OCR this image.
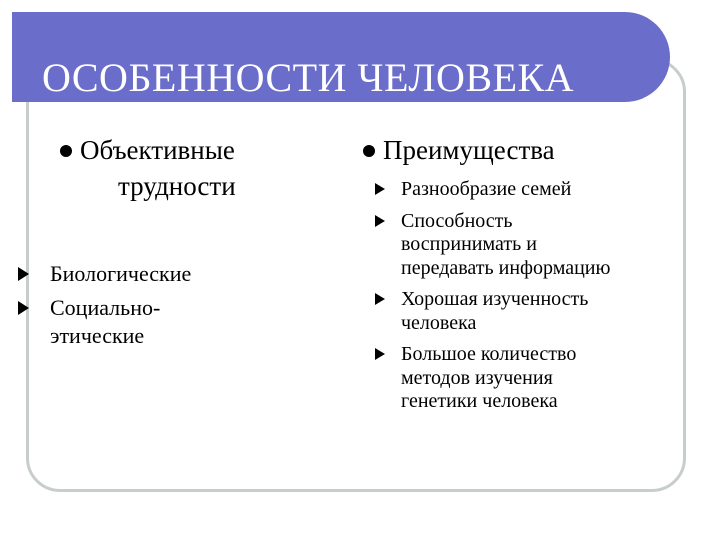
ОСОБЕННОСТИ ЧЕЛОВЕКА
Объективные
трудности
Биологические
Социально-
этические
Преимущества
Разнообразие семей
Способность
воспринимать и
передавать информацию
Хорошая изученность
человека
Большое количество
методов изучения
генетики человека
